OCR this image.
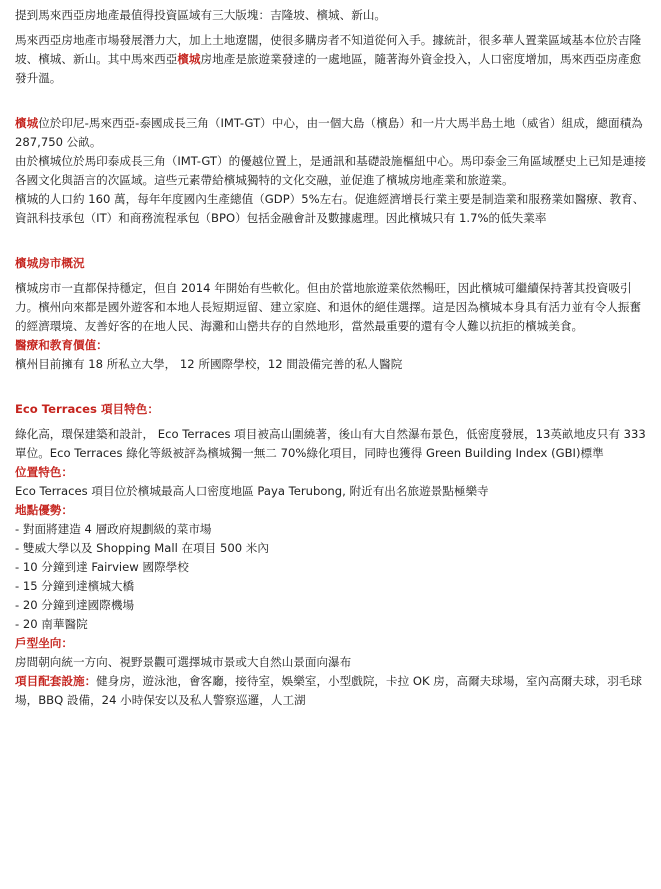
提到馬來西亞房地產最值得投資區域有三大版塊：吉隆坡、檳城、新山。

馬來西亞房地產市場發展潛力大，加上土地遼闊，使很多購房者不知道從何入手。據統計，很多華人置業區域基本位於吉隆坡、檳城、新山。其中馬來西亞檳城房地產是旅遊業發達的一處地區，隨著海外資金投入，人口密度增加，馬來西亞房產愈發升溫。

檳城位於印尼-馬來西亞-泰國成長三角（IMT-GT）中心，由一個大島（檳島）和一片大馬半島土地（威省）組成，總面積為 287,750 公畝。

由於檳城位於馬印泰成長三角（IMT-GT）的優越位置上，是通訊和基礎設施樞紐中心。馬印泰金三角區域歷史上已知是連接各國文化與語言的次區域。這些元素帶給檳城獨特的文化交融，並促進了檳城房地產業和旅遊業。

檳城的人口約 160 萬，每年年度國內生產總值（GDP）5%左右。促進經濟增長行業主要是制造業和服務業如醫療、教育、資訊科技承包（IT）和商務流程承包（BPO）包括金融會計及數據處理。因此檳城只有 1.7%的低失業率

檳城房市概況

檳城房市一直都保持穩定，但自 2014 年開始有些軟化。但由於當地旅遊業依然暢旺，因此檳城可繼續保持著其投資吸引力。檳州向來都是國外遊客和本地人長短期逗留、建立家庭、和退休的絕佳選擇。這是因為檳城本身具有活力並有令人振奮的經濟環境、友善好客的在地人民、海灘和山巒共存的自然地形，當然最重要的還有令人難以抗拒的檳城美食。

醫療和教育價值：

檳州目前擁有 18 所私立大學， 12 所國際學校，12 間設備完善的私人醫院

Eco Terraces 項目特色：

綠化高，環保建築和設計， Eco Terraces 項目被高山圍繞著，後山有大自然瀑布景色，低密度發展，13英畝地皮只有 333 單位。Eco Terraces 綠化等級被評為檳城獨一無二 70%綠化項目，同時也獲得 Green Building Index (GBI)標準

位置特色：

Eco Terraces 項目位於檳城最高人口密度地區 Paya Terubong, 附近有出名旅遊景點極樂寺

地點優勢：

- 對面將建造 4 層政府規劃級的菜市場
- 雙威大學以及 Shopping Mall 在項目 500 米內
- 10 分鐘到達 Fairview 國際學校
- 15 分鐘到達檳城大橋
- 20 分鐘到達國際機場
- 20 南華醫院

戶型坐向：

房間朝向統一方向、視野景觀可選擇城市景或大自然山景面向瀑布

項目配套設施：健身房，遊泳池，會客廳，接待室，娛樂室，小型戲院，卡拉 OK 房，高爾夫球場，室內高爾夫球，羽毛球場，BBQ 設備，24 小時保安以及私人警察巡邏，人工湖
